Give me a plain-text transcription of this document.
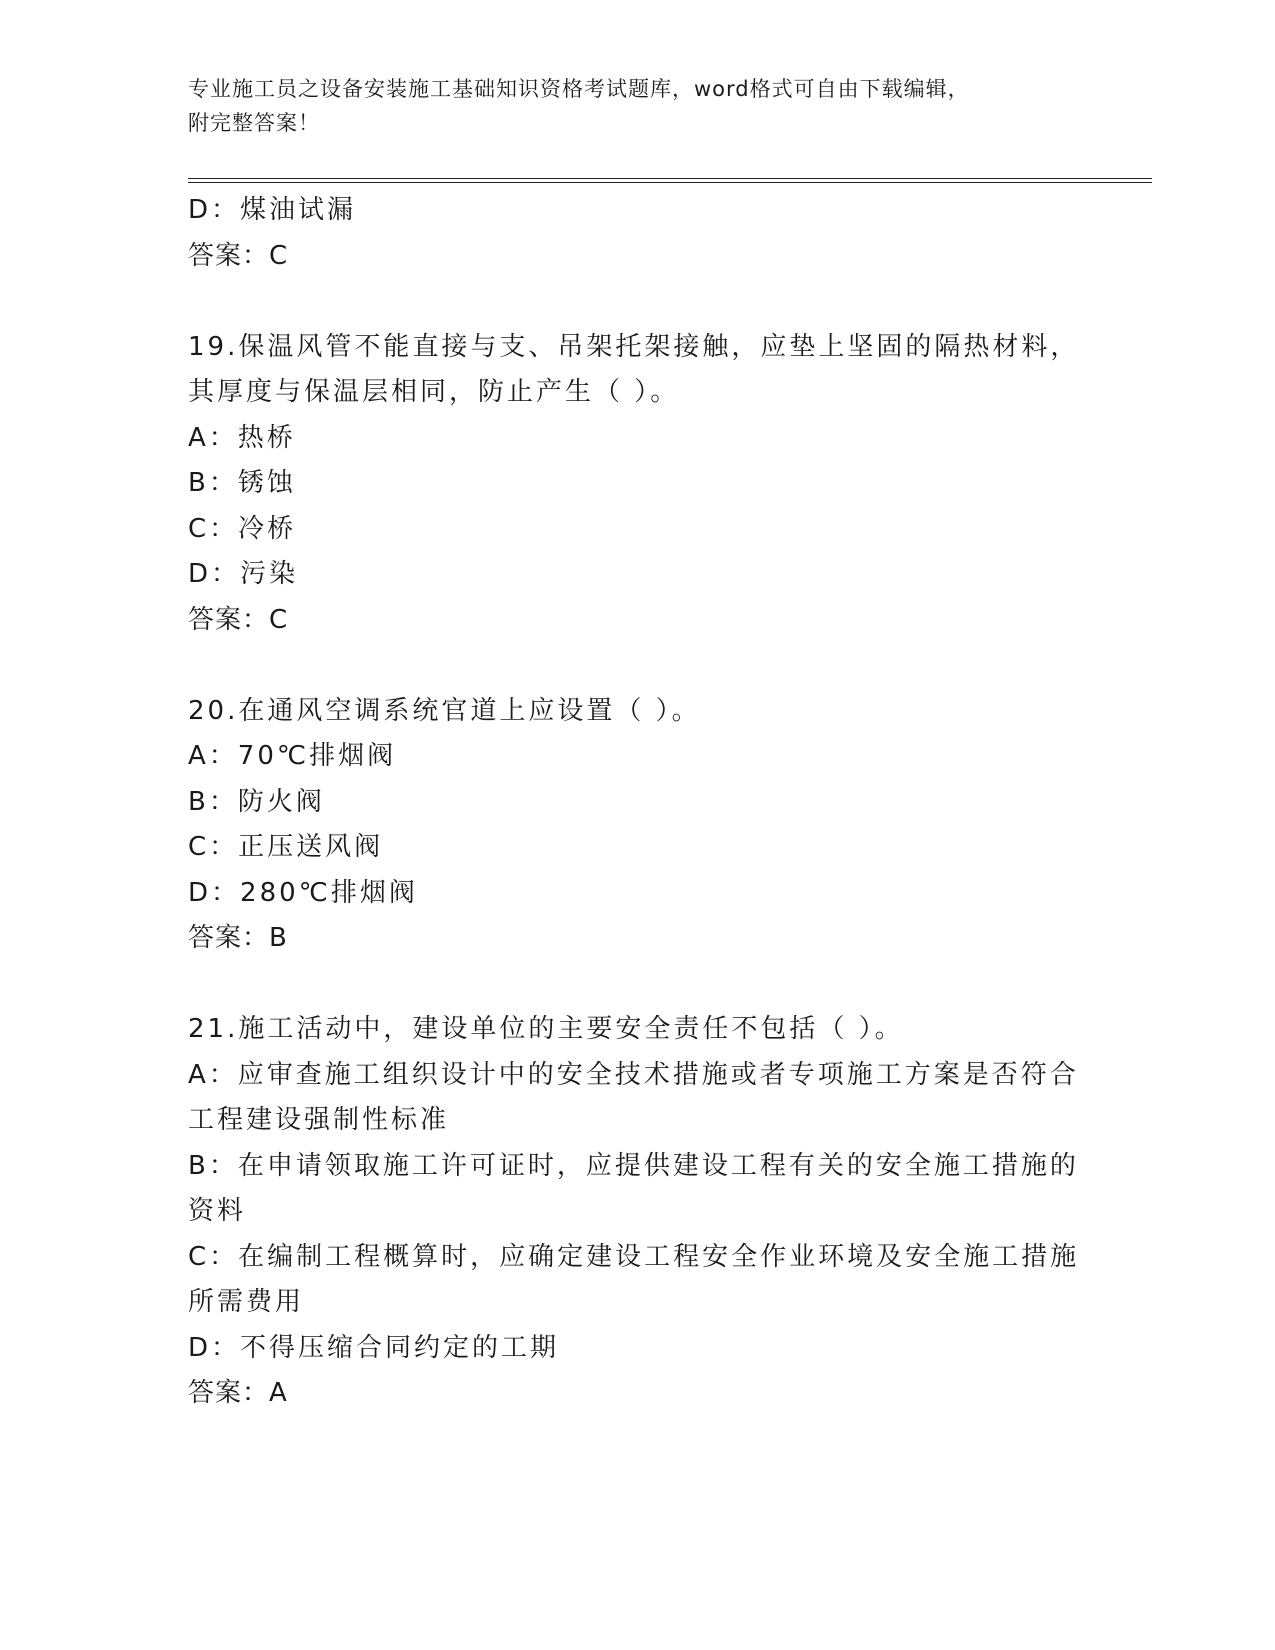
专业施工员之设备安装施工基础知识资格考试题库，word格式可自由下载编辑，
附完整答案！
D：煤油试漏
答案：C
19.保温风管不能直接与支、吊架托架接触，应垫上坚固的隔热材料，
其厚度与保温层相同，防止产生（ ）。
A：热桥
B：锈蚀
C：冷桥
D：污染
答案：C
20.在通风空调系统官道上应设置（ ）。
A：70℃排烟阀
B：防火阀
C：正压送风阀
D：280℃排烟阀
答案：B
21.施工活动中，建设单位的主要安全责任不包括（ ）。
A：应审查施工组织设计中的安全技术措施或者专项施工方案是否符合
工程建设强制性标准
B：在申请领取施工许可证时，应提供建设工程有关的安全施工措施的
资料
C：在编制工程概算时，应确定建设工程安全作业环境及安全施工措施
所需费用
D：不得压缩合同约定的工期
答案：A
